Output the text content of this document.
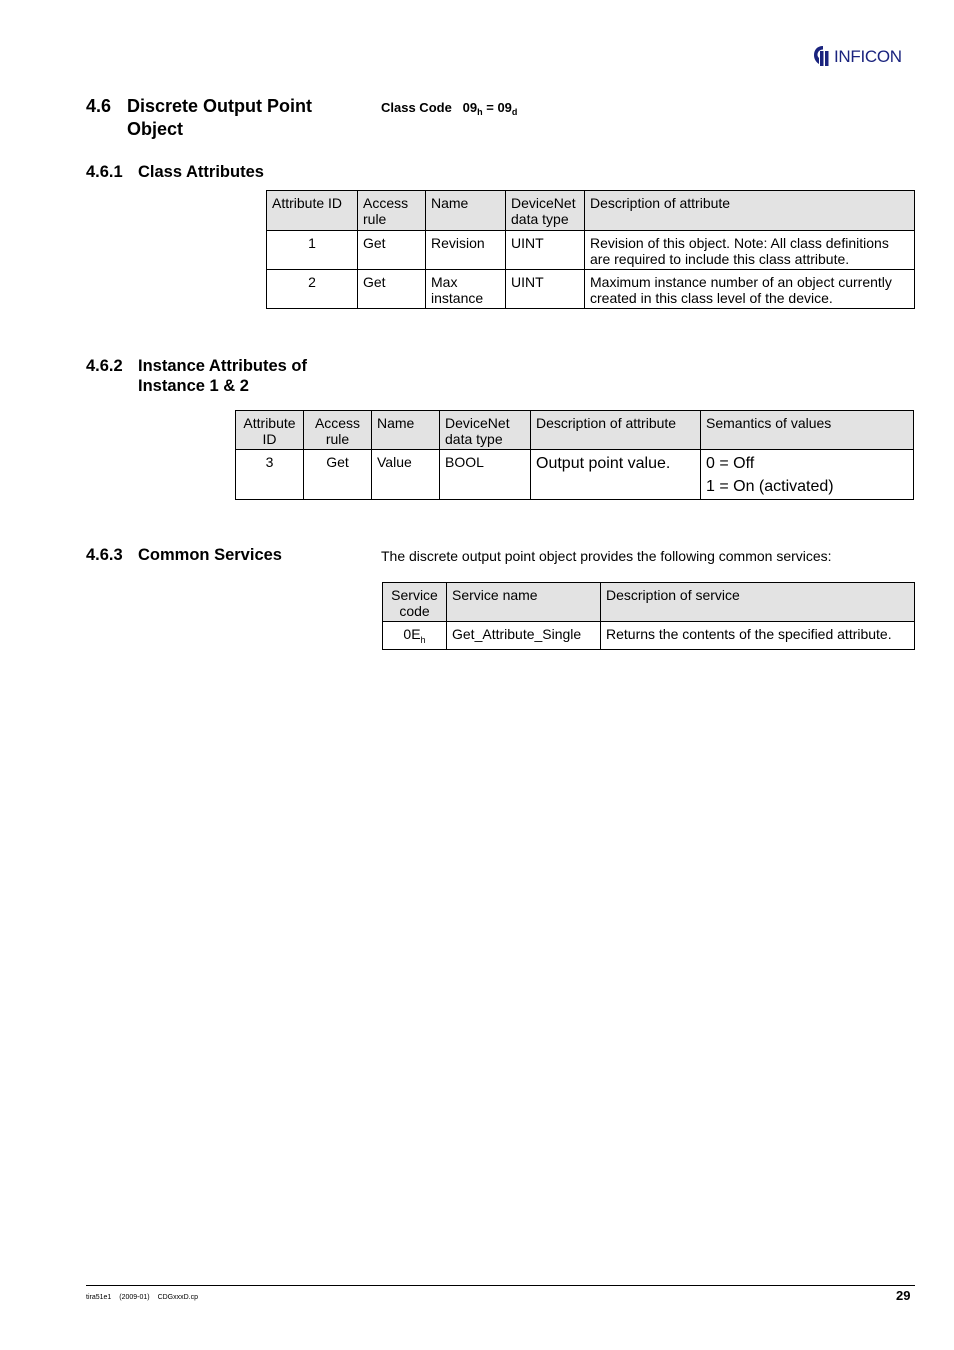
INFICON
4.6 Discrete Output Point
Object
Class Code $09_h = 09_d$
4.6.1 Class Attributes
Attribute ID	Access rule	Name	DeviceNet data type	Description of attribute
1	Get	Revision	UINT	Revision of this object. Note: All class definitions are required to include this class attribute.
2	Get	Max instance	UINT	Maximum instance number of an object currently created in this class level of the device.
4.6.2 Instance Attributes of
Instance 1 & 2
Attribute ID	Access rule	Name	DeviceNet data type	Description of attribute	Semantics of values
3	Get	Value	BOOL	Output point value.	0 = Off
1 = On (activated)
4.6.3 Common Services	The discrete output point object provides the following common services:
Service code	Service name	Description of service
$0E_h$	Get_Attribute_Single	Returns the contents of the specified attribute.
tira51e1 (2009-01) CDGxxxD.cp	29
